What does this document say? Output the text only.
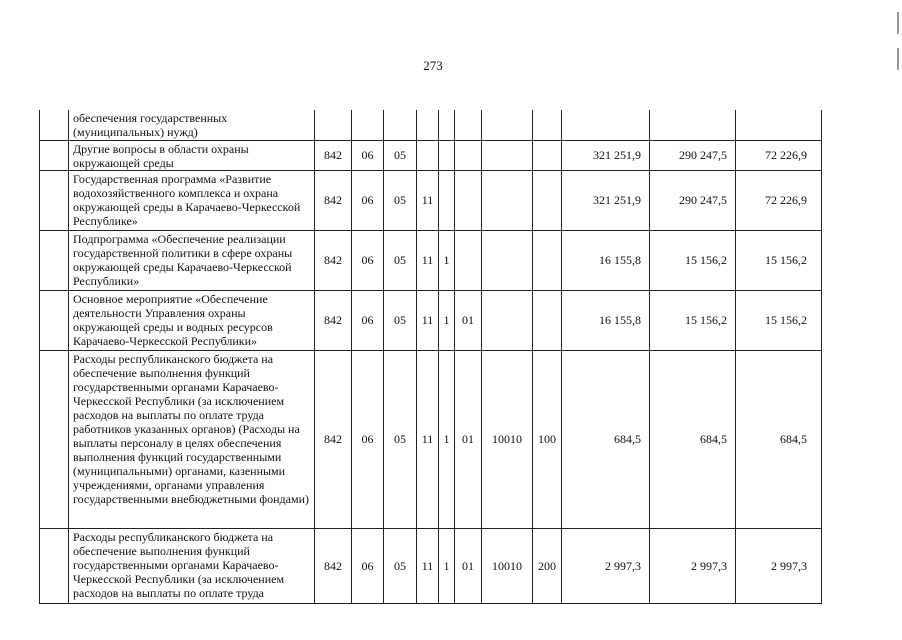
273
	обеспечения государственных (муниципальных) нужд)											
	Другие вопросы в области охраны окружающей среды	842	06	05						321 251,9	290 247,5	72 226,9
	Государственная программа «Развитие водохозяйственного комплекса и охрана окружающей среды в Карачаево-Черкесской Республике»	842	06	05	11					321 251,9	290 247,5	72 226,9
	Подпрограмма «Обеспечение реализации государственной политики в сфере охраны окружающей среды Карачаево-Черкесской Республики»	842	06	05	11	1				16 155,8	15 156,2	15 156,2
	Основное мероприятие «Обеспечение деятельности Управления охраны окружающей среды и водных ресурсов Карачаево-Черкесской Республики»	842	06	05	11	1	01			16 155,8	15 156,2	15 156,2
	Расходы республиканского бюджета на обеспечение выполнения функций государственными органами Карачаево-Черкесской Республики (за исключением расходов на выплаты по оплате труда работников указанных органов) (Расходы на выплаты персоналу в целях обеспечения выполнения функций государственными (муниципальными) органами, казенными учреждениями, органами управления государственными внебюджетными фондами)	842	06	05	11	1	01	10010	100	684,5	684,5	684,5
	Расходы республиканского бюджета на обеспечение выполнения функций государственными органами Карачаево-Черкесской Республики (за исключением расходов на выплаты по оплате труда	842	06	05	11	1	01	10010	200	2 997,3	2 997,3	2 997,3
